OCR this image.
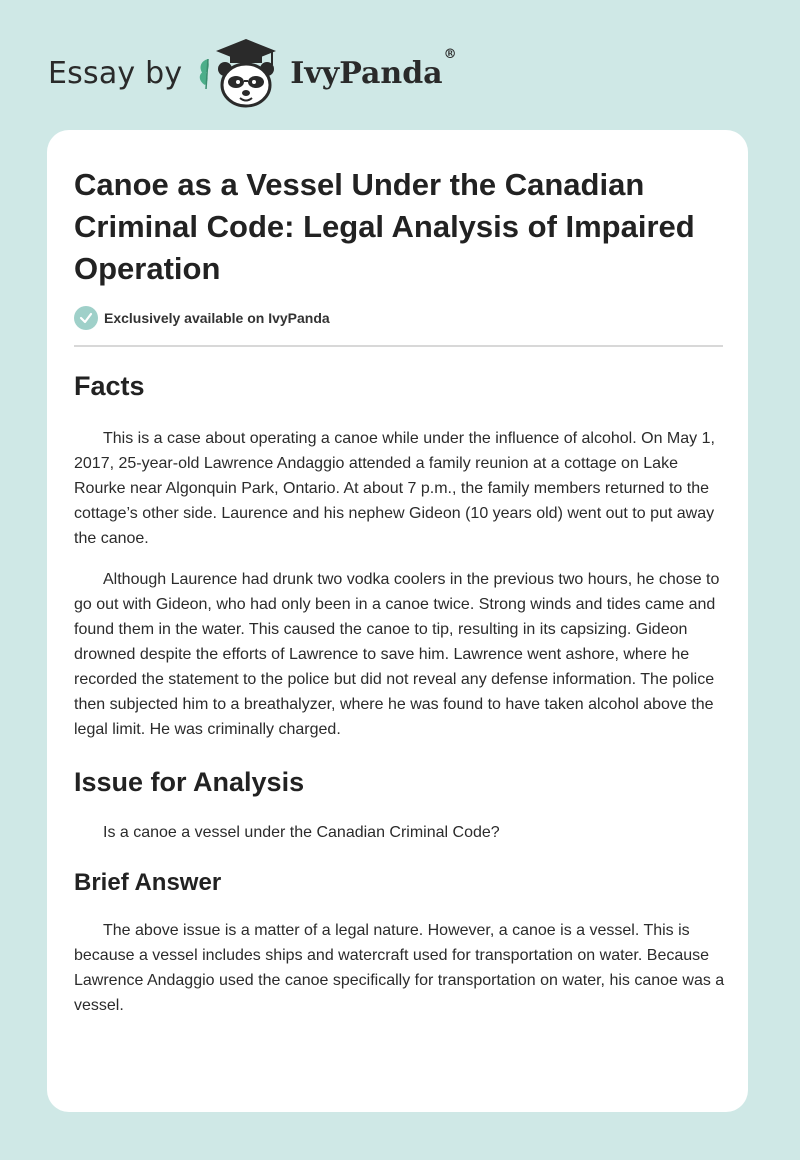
Essay by	IvyPanda®
Canoe as a Vessel Under the Canadian Criminal Code: Legal Analysis of Impaired Operation
Exclusively available on IvyPanda
Facts

This is a case about operating a canoe while under the influence of alcohol. On May 1, 2017, 25-year-old Lawrence Andaggio attended a family reunion at a cottage on Lake Rourke near Algonquin Park, Ontario. At about 7 p.m., the family members returned to the cottage’s other side. Laurence and his nephew Gideon (10 years old) went out to put away the canoe.

Although Laurence had drunk two vodka coolers in the previous two hours, he chose to go out with Gideon, who had only been in a canoe twice. Strong winds and tides came and found them in the water. This caused the canoe to tip, resulting in its capsizing. Gideon drowned despite the efforts of Lawrence to save him. Lawrence went ashore, where he recorded the statement to the police but did not reveal any defense information. The police then subjected him to a breathalyzer, where he was found to have taken alcohol above the legal limit. He was criminally charged.

Issue for Analysis

Is a canoe a vessel under the Canadian Criminal Code?

Brief Answer

The above issue is a matter of a legal nature. However, a canoe is a vessel. This is because a vessel includes ships and watercraft used for transportation on water. Because Lawrence Andaggio used the canoe specifically for transportation on water, his canoe was a vessel.
